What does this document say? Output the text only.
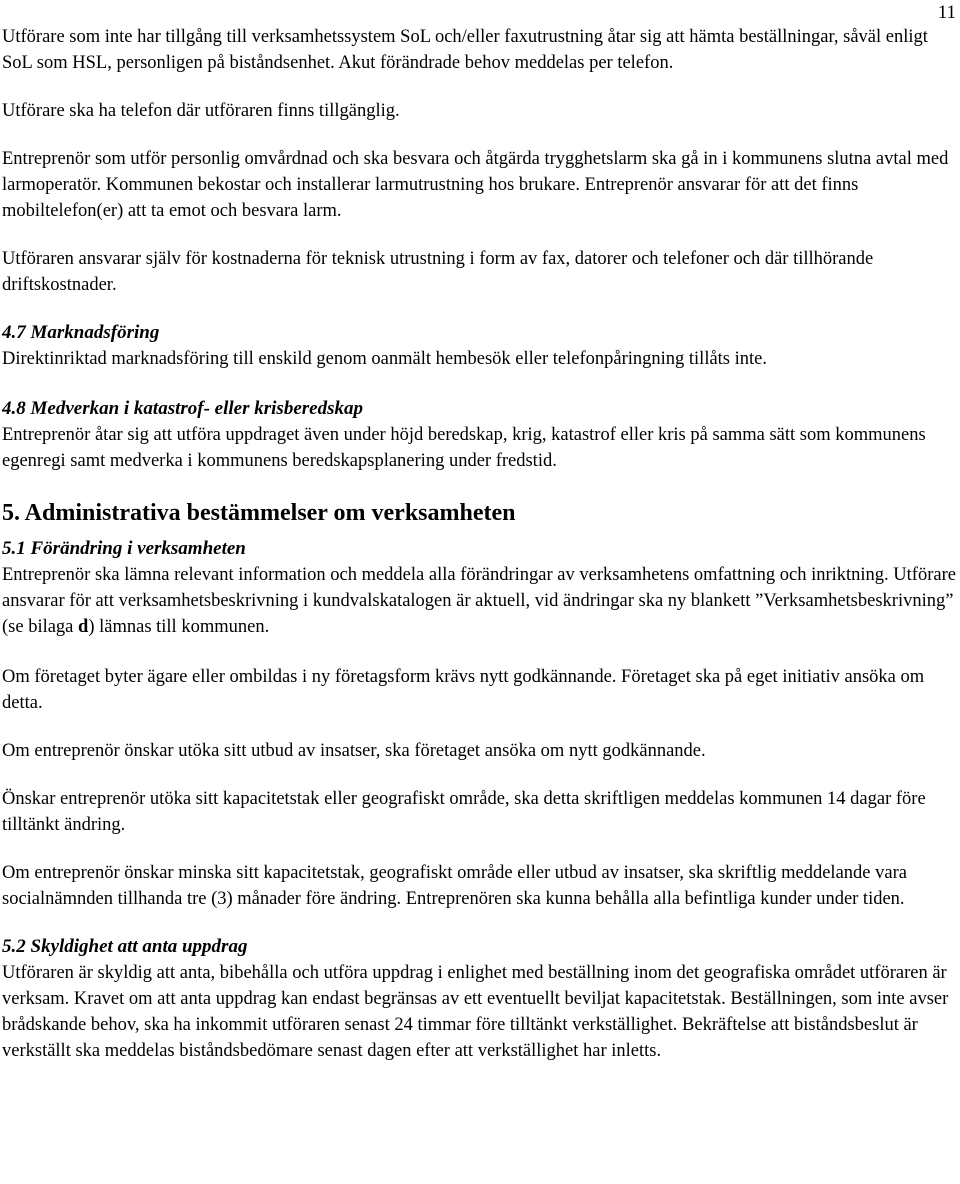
11

Utförare som inte har tillgång till verksamhetssystem SoL och/eller faxutrustning åtar sig att hämta beställningar, såväl enligt SoL som HSL, personligen på biståndsenhet. Akut förändrade behov meddelas per telefon.

Utförare ska ha telefon där utföraren finns tillgänglig.

Entreprenör som utför personlig omvårdnad och ska besvara och åtgärda trygghetslarm ska gå in i kommunens slutna avtal med larmoperatör. Kommunen bekostar och installerar larmutrustning hos brukare. Entreprenör ansvarar för att det finns mobiltelefon(er) att ta emot och besvara larm.

Utföraren ansvarar själv för kostnaderna för teknisk utrustning i form av fax, datorer och telefoner och där tillhörande driftskostnader.

4.7 Marknadsföring

Direktinriktad marknadsföring till enskild genom oanmält hembesök eller telefonpåringning tillåts inte.

4.8 Medverkan i katastrof- eller krisberedskap

Entreprenör åtar sig att utföra uppdraget även under höjd beredskap, krig, katastrof eller kris på samma sätt som kommunens egenregi samt medverka i kommunens beredskapsplanering under fredstid.

5. Administrativa bestämmelser om verksamheten
5.1 Förändring i verksamheten

Entreprenör ska lämna relevant information och meddela alla förändringar av verksamhetens omfattning och inriktning. Utförare ansvarar för att verksamhetsbeskrivning i kundvalskatalogen är aktuell, vid ändringar ska ny blankett ”Verksamhetsbeskrivning” (se bilaga d) lämnas till kommunen.

Om företaget byter ägare eller ombildas i ny företagsform krävs nytt godkännande. Företaget ska på eget initiativ ansöka om detta.

Om entreprenör önskar utöka sitt utbud av insatser, ska företaget ansöka om nytt godkännande.

Önskar entreprenör utöka sitt kapacitetstak eller geografiskt område, ska detta skriftligen meddelas kommunen 14 dagar före tilltänkt ändring.

Om entreprenör önskar minska sitt kapacitetstak, geografiskt område eller utbud av insatser, ska skriftlig meddelande vara socialnämnden tillhanda tre (3) månader före ändring. Entreprenören ska kunna behålla alla befintliga kunder under tiden.

5.2 Skyldighet att anta uppdrag

Utföraren är skyldig att anta, bibehålla och utföra uppdrag i enlighet med beställning inom det geografiska området utföraren är verksam. Kravet om att anta uppdrag kan endast begränsas av ett eventuellt beviljat kapacitetstak. Beställningen, som inte avser brådskande behov, ska ha inkommit utföraren senast 24 timmar före tilltänkt verkställighet. Bekräftelse att biståndsbeslut är verkställt ska meddelas biståndsbedömare senast dagen efter att verkställighet har inletts.
